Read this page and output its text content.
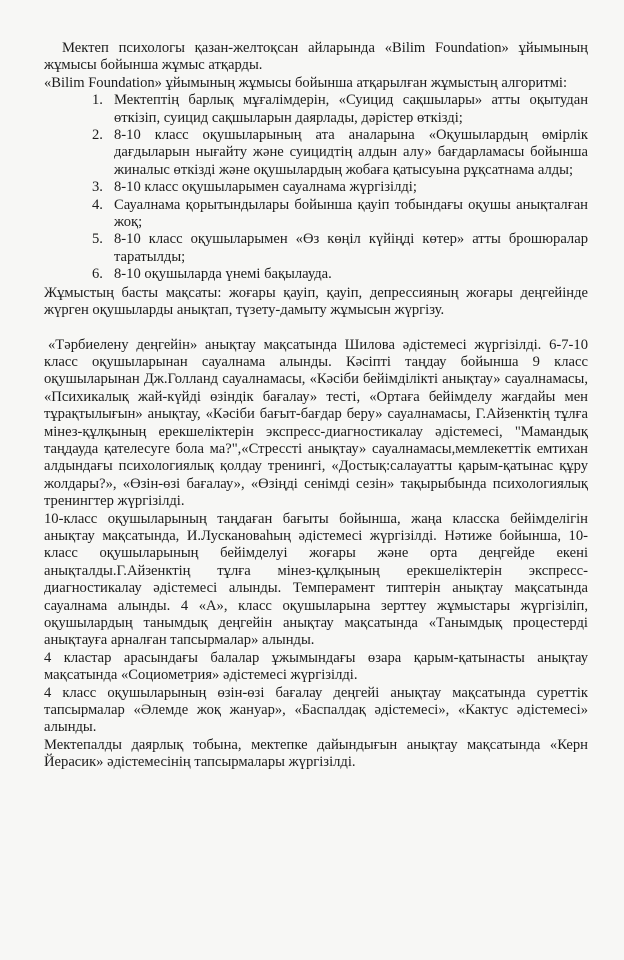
Мектеп психологы қазан-желтоқсан айларында «Bilim Foundation» ұйымының жұмысы бойынша жұмыс атқарды.

«Bilim Foundation» ұйымының жұмысы бойынша атқарылған жұмыстың алгоритмі:

1. Мектептің барлық мұғалімдерін, «Суицид сақшылары» атты оқытудан өткізіп, суицид сақшыларын даярлады, дәрістер өткізді;
2. 8-10 класс оқушыларының ата аналарына «Оқушылардың өмірлік дағдыларын нығайту және суицидтің алдын алу» бағдарламасы бойынша жиналыс өткізді және оқушылардың жобаға қатысуына рұқсатнама алды;
3. 8-10 класс оқушыларымен сауалнама жүргізілді;
4. Сауалнама қорытындылары бойынша қауіп тобындағы оқушы анықталған жоқ;
5. 8-10 класс оқушыларымен «Өз көңіл күйіңді көтер» атты брошюралар таратылды;
6. 8-10 оқушыларда үнемі бақылауда.

Жұмыстың басты мақсаты: жоғары қауіп, қауіп, депрессияның жоғары деңгейінде жүрген оқушыларды анықтап, түзету-дамыту жұмысын жүргізу.

«Тәрбиелену деңгейін» анықтау мақсатында Шилова әдістемесі жүргізілді. 6-7-10 класс оқушыларынан сауалнама алынды. Кәсіпті таңдау бойынша 9 класс оқушыларынан Дж.Голланд сауалнамасы, «Кәсіби бейімділікті анықтау» сауалнамасы, «Психикалық жай-күйді өзіндік бағалау» тесті, «Ортаға бейімделу жағдайы мен тұрақтылығын» анықтау, «Кәсіби бағыт-бағдар беру» сауалнамасы, Г.Айзенктің тұлға мінез-құлқының ерекшеліктерін экспресс-диагностикалау әдістемесі, "Мамандық таңдауда қателесуге бола ма?",«Стрессті анықтау» сауалнамасы,мемлекеттік емтихан алдындағы психологиялық қолдау тренингі, «Достық:салауатты қарым-қатынас құру жолдары?», «Өзін-өзі бағалау», «Өзіңді сенімді сезін» тақырыбында психологиялық тренингтер жүргізілді.

10-класс оқушыларының таңдаған бағыты бойынша, жаңа класска бейімделігін анықтау мақсатында, И.Лускановаһың әдістемесі жүргізілді. Нәтиже бойынша, 10-класс оқушыларының бейімделуі жоғары және орта деңгейде екені анықталды.Г.Айзенктің тұлға мінез-құлқының ерекшеліктерін экспресс-диагностикалау әдістемесі алынды. Темперамент типтерін анықтау мақсатында сауалнама алынды. 4 «А», класс оқушыларына зерттеу жұмыстары жүргізіліп, оқушылардың танымдық деңгейін анықтау мақсатында «Танымдық процестерді анықтауға арналған тапсырмалар» алынды.

4 кластар арасындағы балалар ұжымындағы өзара қарым-қатынасты анықтау мақсатында «Социометрия» әдістемесі жүргізілді.

4 класс оқушыларының өзін-өзі бағалау деңгейі анықтау мақсатында суреттік тапсырмалар «Әлемде жоқ жануар», «Баспалдақ әдістемесі», «Кактус әдістемесі» алынды.

Мектепалды даярлық тобына, мектепке дайындығын анықтау мақсатында «Керн Йерасик» әдістемесінің тапсырмалары жүргізілді.
